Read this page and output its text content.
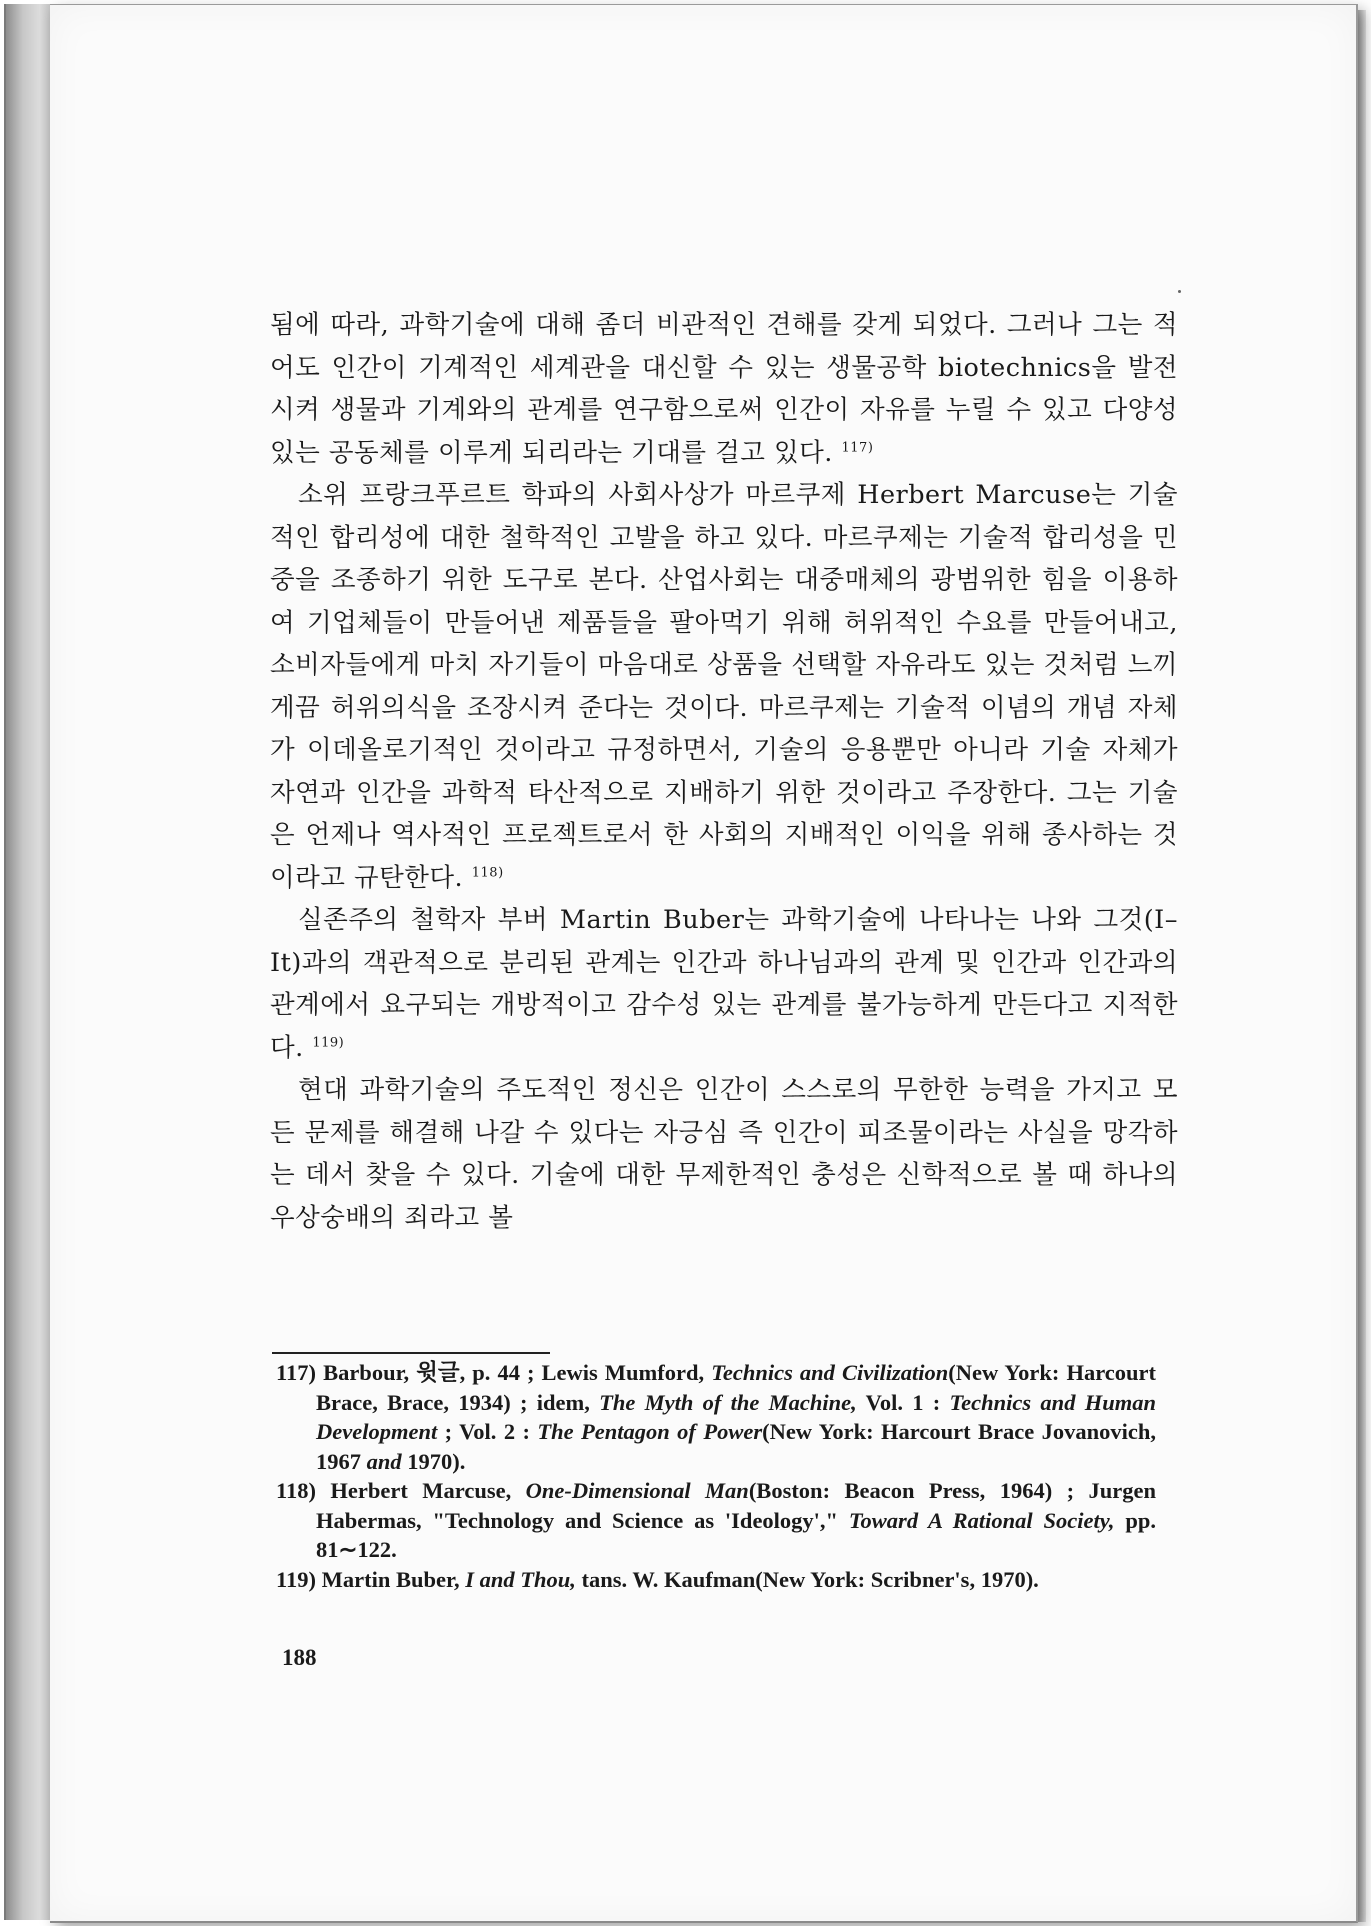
됨에 따라, 과학기술에 대해 좀더 비관적인 견해를 갖게 되었다. 그러나 그는 적어도 인간이 기계적인 세계관을 대신할 수 있는 생물공학 biotechnics을 발전시켜 생물과 기계와의 관계를 연구함으로써 인간이 자유를 누릴 수 있고 다양성 있는 공동체를 이루게 되리라는 기대를 걸고 있다. $^{117)}$

소위 프랑크푸르트 학파의 사회사상가 마르쿠제 Herbert Marcuse는 기술적인 합리성에 대한 철학적인 고발을 하고 있다. 마르쿠제는 기술적 합리성을 민중을 조종하기 위한 도구로 본다. 산업사회는 대중매체의 광범위한 힘을 이용하여 기업체들이 만들어낸 제품들을 팔아먹기 위해 허위적인 수요를 만들어내고, 소비자들에게 마치 자기들이 마음대로 상품을 선택할 자유라도 있는 것처럼 느끼게끔 허위의식을 조장시켜 준다는 것이다. 마르쿠제는 기술적 이념의 개념 자체가 이데올로기적인 것이라고 규정하면서, 기술의 응용뿐만 아니라 기술 자체가 자연과 인간을 과학적 타산적으로 지배하기 위한 것이라고 주장한다. 그는 기술은 언제나 역사적인 프로젝트로서 한 사회의 지배적인 이익을 위해 종사하는 것이라고 규탄한다. $^{118)}$

실존주의 철학자 부버 Martin Buber는 과학기술에 나타나는 나와 그것(I–It)과의 객관적으로 분리된 관계는 인간과 하나님과의 관계 및 인간과 인간과의 관계에서 요구되는 개방적이고 감수성 있는 관계를 불가능하게 만든다고 지적한다. $^{119)}$

현대 과학기술의 주도적인 정신은 인간이 스스로의 무한한 능력을 가지고 모든 문제를 해결해 나갈 수 있다는 자긍심 즉 인간이 피조물이라는 사실을 망각하는 데서 찾을 수 있다. 기술에 대한 무제한적인 충성은 신학적으로 볼 때 하나의 우상숭배의 죄라고 볼

117) Barbour, 윗글, p. 44 ; Lewis Mumford, Technics and Civilization(New York: Harcourt Brace, Brace, 1934) ; idem, The Myth of the Machine, Vol. 1 : Technics and Human Development ; Vol. 2 : The Pentagon of Power(New York: Harcourt Brace Jovanovich, 1967 and 1970).

118) Herbert Marcuse, One-Dimensional Man(Boston: Beacon Press, 1964) ; Jurgen Habermas, "Technology and Science as 'Ideology'," Toward A Rational Society, pp. 81∼122.

119) Martin Buber, I and Thou, tans. W. Kaufman(New York: Scribner's, 1970).

188
